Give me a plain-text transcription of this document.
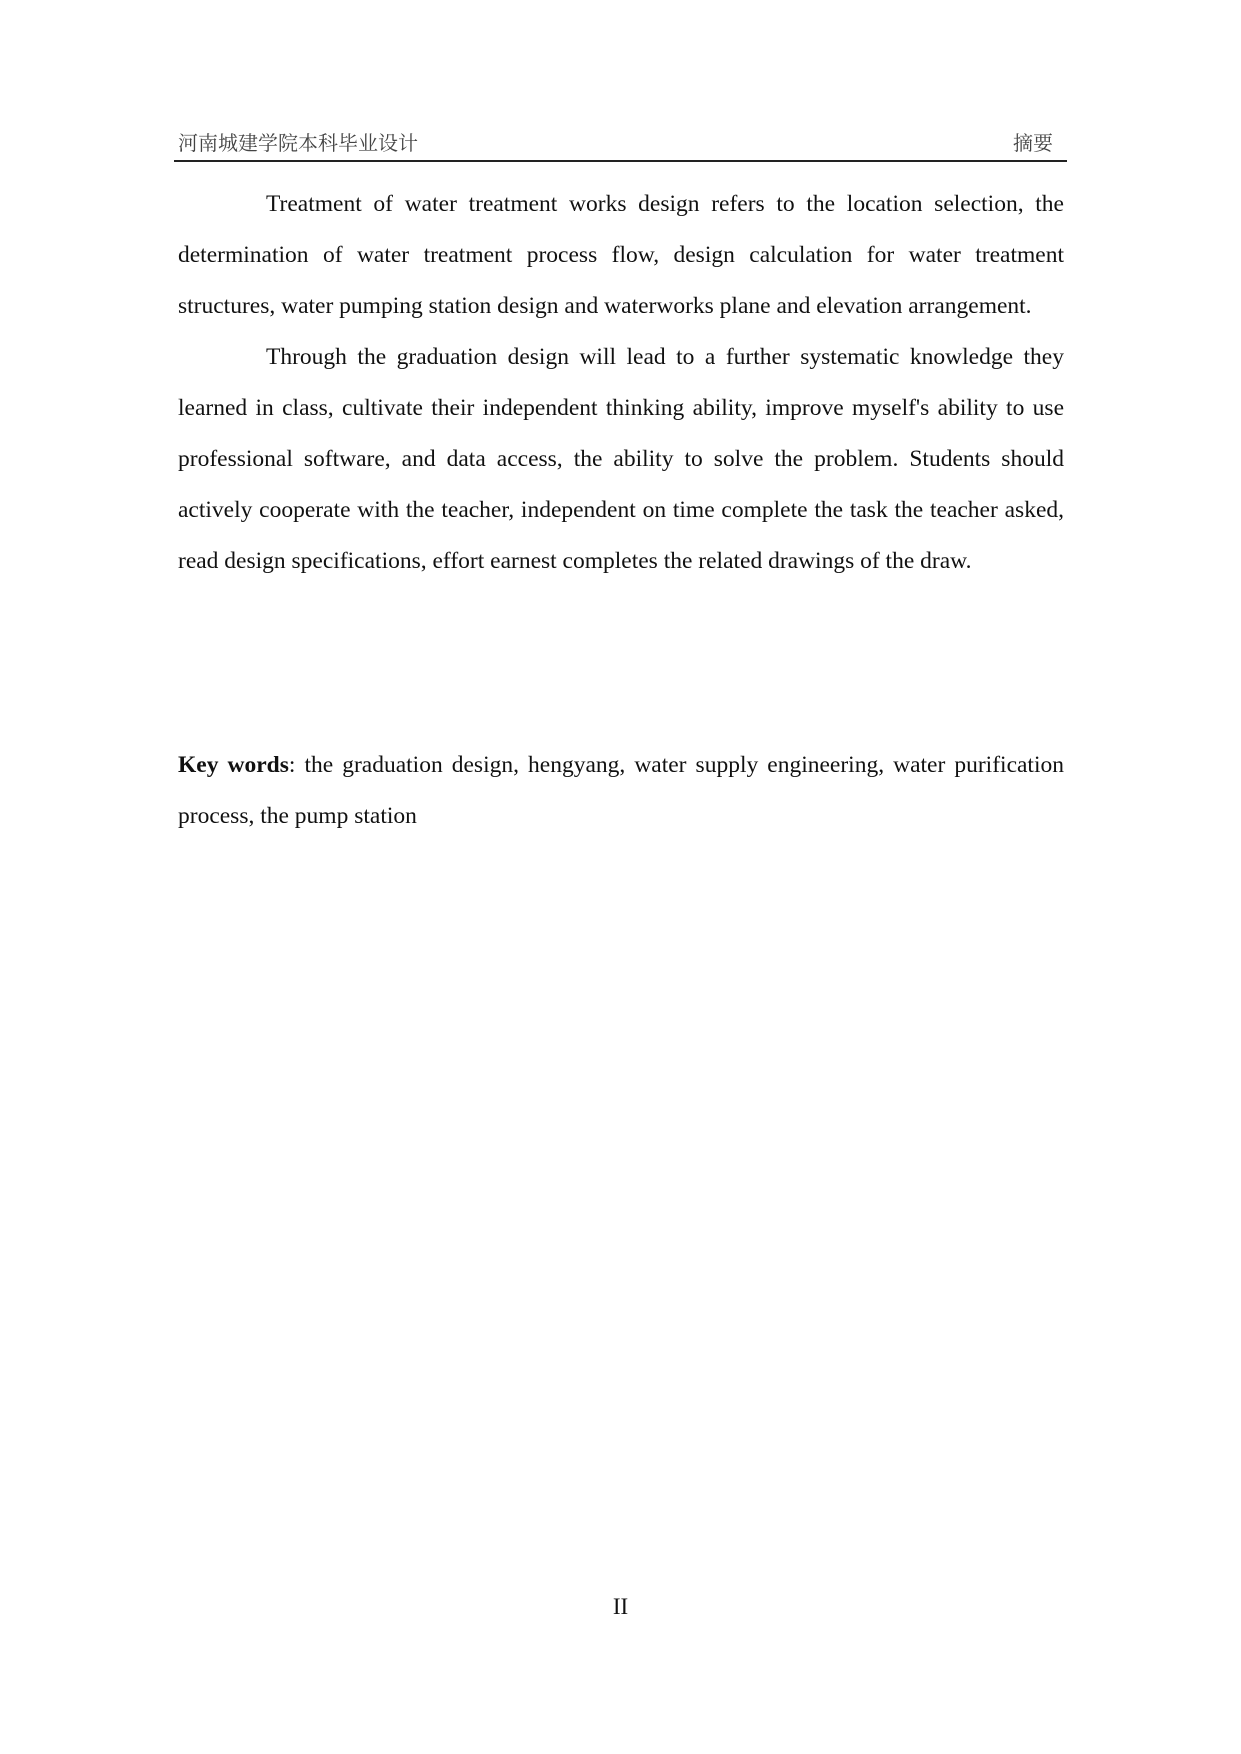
河南城建学院本科毕业设计	摘要

Treatment of water treatment works design refers to the location selection, the determination of water treatment process flow, design calculation for water treatment structures, water pumping station design and waterworks plane and elevation arrangement.

Through the graduation design will lead to a further systematic knowledge they learned in class, cultivate their independent thinking ability, improve myself's ability to use professional software, and data access, the ability to solve the problem. Students should actively cooperate with the teacher, independent on time complete the task the teacher asked, read design specifications, effort earnest completes the related drawings of the draw.

Key words: the graduation design, hengyang, water supply engineering, water purification process, the pump station

II
